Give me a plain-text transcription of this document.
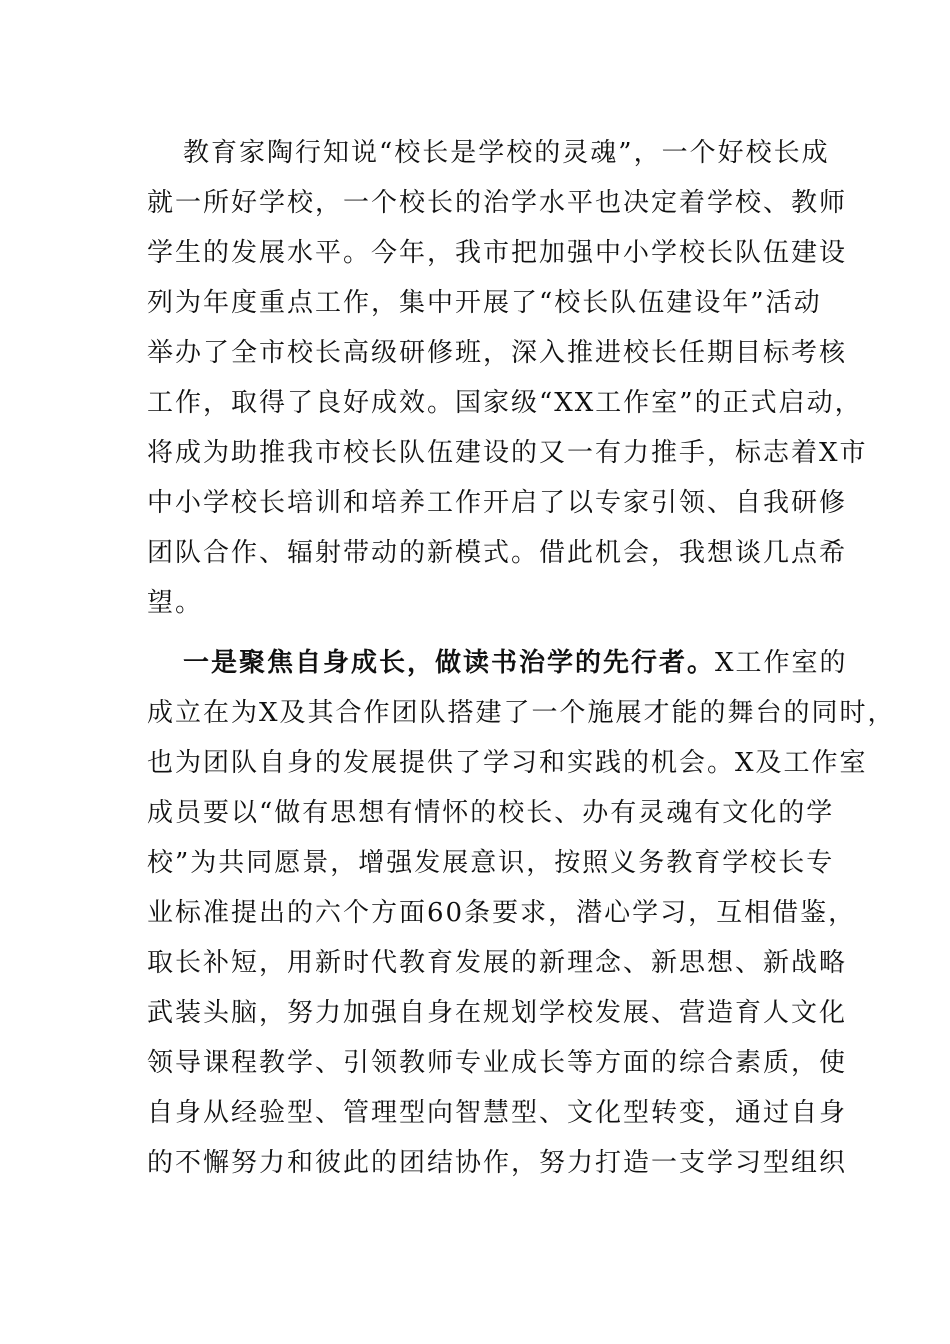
教育家陶行知说“校长是学校的灵魂”，一个好校长成
就一所好学校，一个校长的治学水平也决定着学校、教师
学生的发展水平。今年，我市把加强中小学校长队伍建设
列为年度重点工作，集中开展了“校长队伍建设年”活动
举办了全市校长高级研修班，深入推进校长任期目标考核
工作，取得了良好成效。国家级“XX工作室”的正式启动，
将成为助推我市校长队伍建设的又一有力推手，标志着X市
中小学校长培训和培养工作开启了以专家引领、自我研修
团队合作、辐射带动的新模式。借此机会，我想谈几点希
望。
一是聚焦自身成长，做读书治学的先行者。X工作室的
成立在为X及其合作团队搭建了一个施展才能的舞台的同时，
也为团队自身的发展提供了学习和实践的机会。X及工作室
成员要以“做有思想有情怀的校长、办有灵魂有文化的学
校”为共同愿景，增强发展意识，按照义务教育学校长专
业标准提出的六个方面60条要求，潜心学习，互相借鉴，
取长补短，用新时代教育发展的新理念、新思想、新战略
武装头脑，努力加强自身在规划学校发展、营造育人文化
领导课程教学、引领教师专业成长等方面的综合素质，使
自身从经验型、管理型向智慧型、文化型转变，通过自身
的不懈努力和彼此的团结协作，努力打造一支学习型组织
